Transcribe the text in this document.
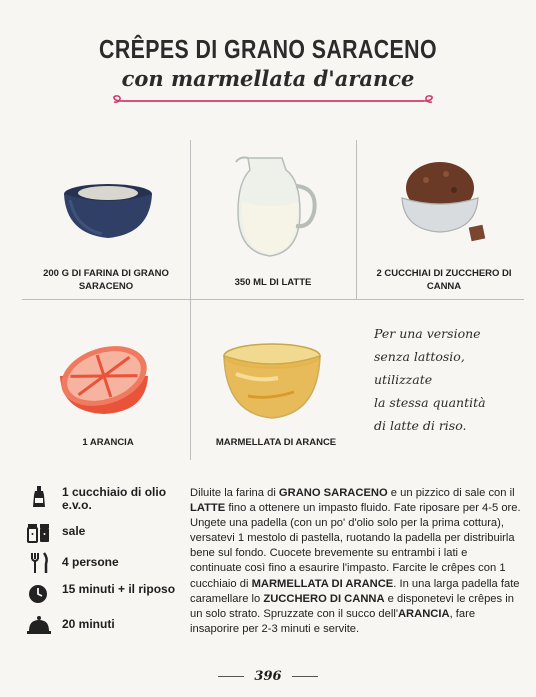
CRÊPES DI GRANO SARACENO
con marmellata d'arance
200 G DI FARINA DI GRANO SARACENO	350 ML DI LATTE
2 CUCCHIAI DI ZUCCHERO DI CANNA
1 ARANCIA	MARMELLATA DI ARANCE
Per una versione
senza lattosio, utilizzate
la stessa quantità
di latte di riso.
1 cucchiaio di olio e.v.o.
sale
4 persone
15 minuti + il riposo
20 minuti
Diluite la farina di GRANO SARACENO e un pizzico di sale con il LATTE fino a ottenere un impasto fluido. Fate riposare per 4-5 ore. Ungete una padella (con un po' d'olio solo per la prima cottura), versatevi 1 mestolo di pastella, ruotando la padella per distribuirla bene sul fondo. Cuocete brevemente su entrambi i lati e continuate così fino a esaurire l'impasto. Farcite le crêpes con 1 cucchiaio di MARMELLATA DI ARANCE. In una larga padella fate caramellare lo ZUCCHERO DI CANNA e disponetevi le crêpes in un solo strato. Spruzzate con il succo dell'ARANCIA, fare insaporire per 2-3 minuti e servite.
396
